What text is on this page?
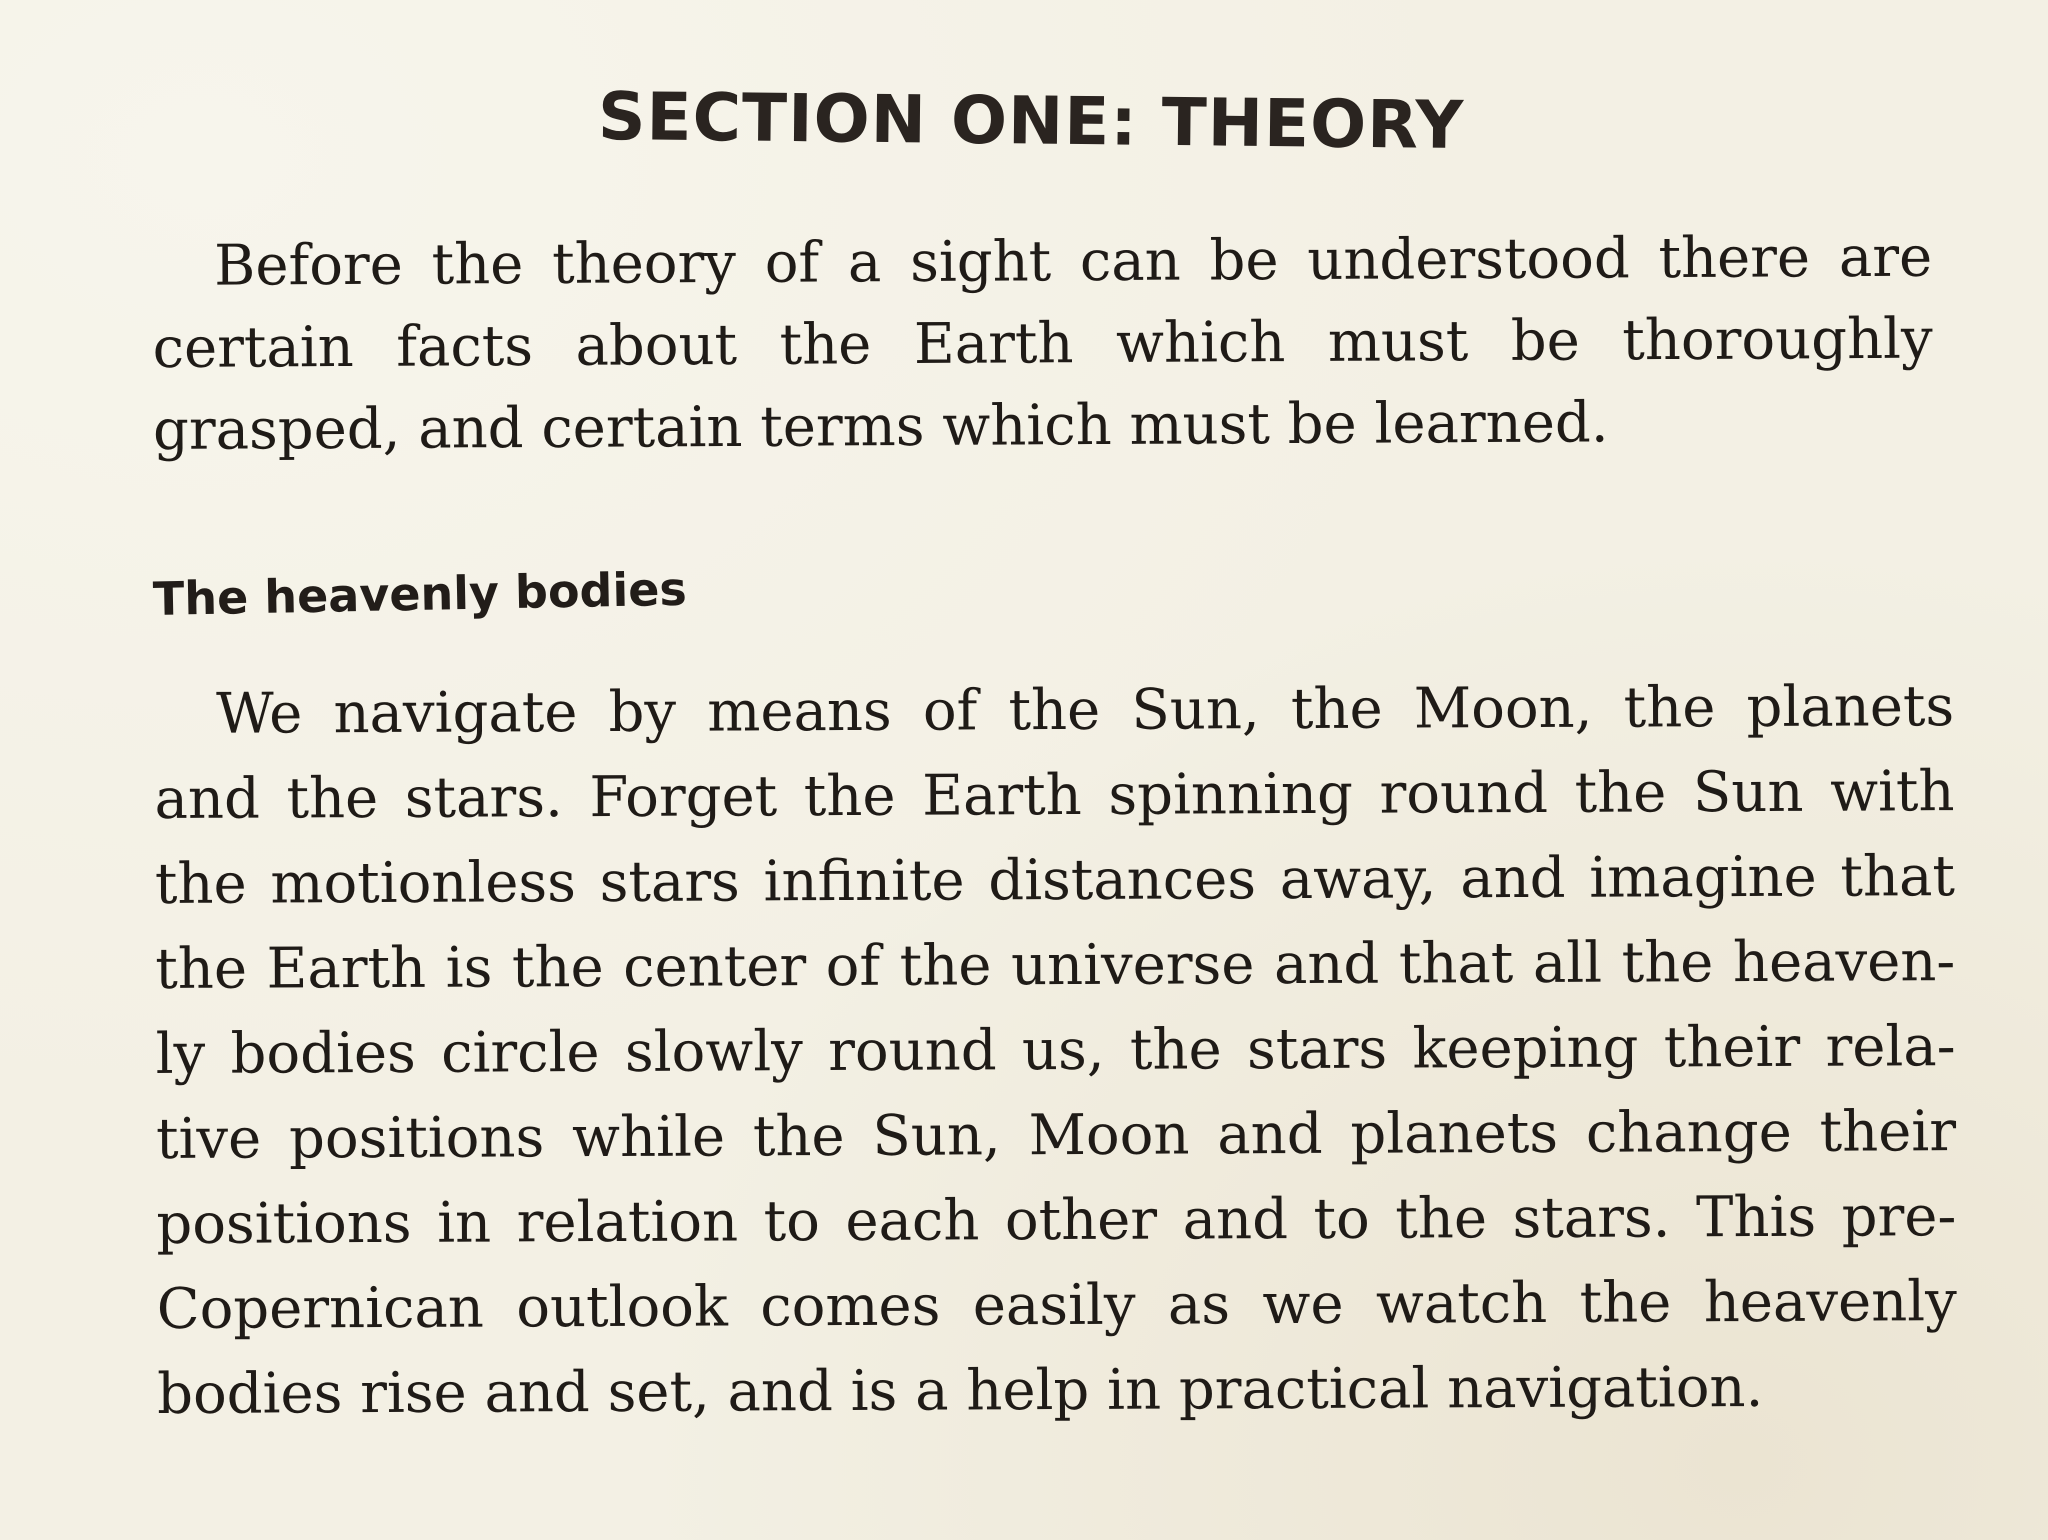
SECTION ONE: THEORY
Before the theory of a sight can be understood there are
certain facts about the Earth which must be thoroughly
grasped, and certain terms which must be learned.
The heavenly bodies
We navigate by means of the Sun, the Moon, the planets
and the stars. Forget the Earth spinning round the Sun with
the motionless stars infinite distances away, and imagine that
the Earth is the center of the universe and that all the heaven-
ly bodies circle slowly round us, the stars keeping their rela-
tive positions while the Sun, Moon and planets change their
positions in relation to each other and to the stars. This pre-
Copernican outlook comes easily as we watch the heavenly
bodies rise and set, and is a help in practical navigation.
